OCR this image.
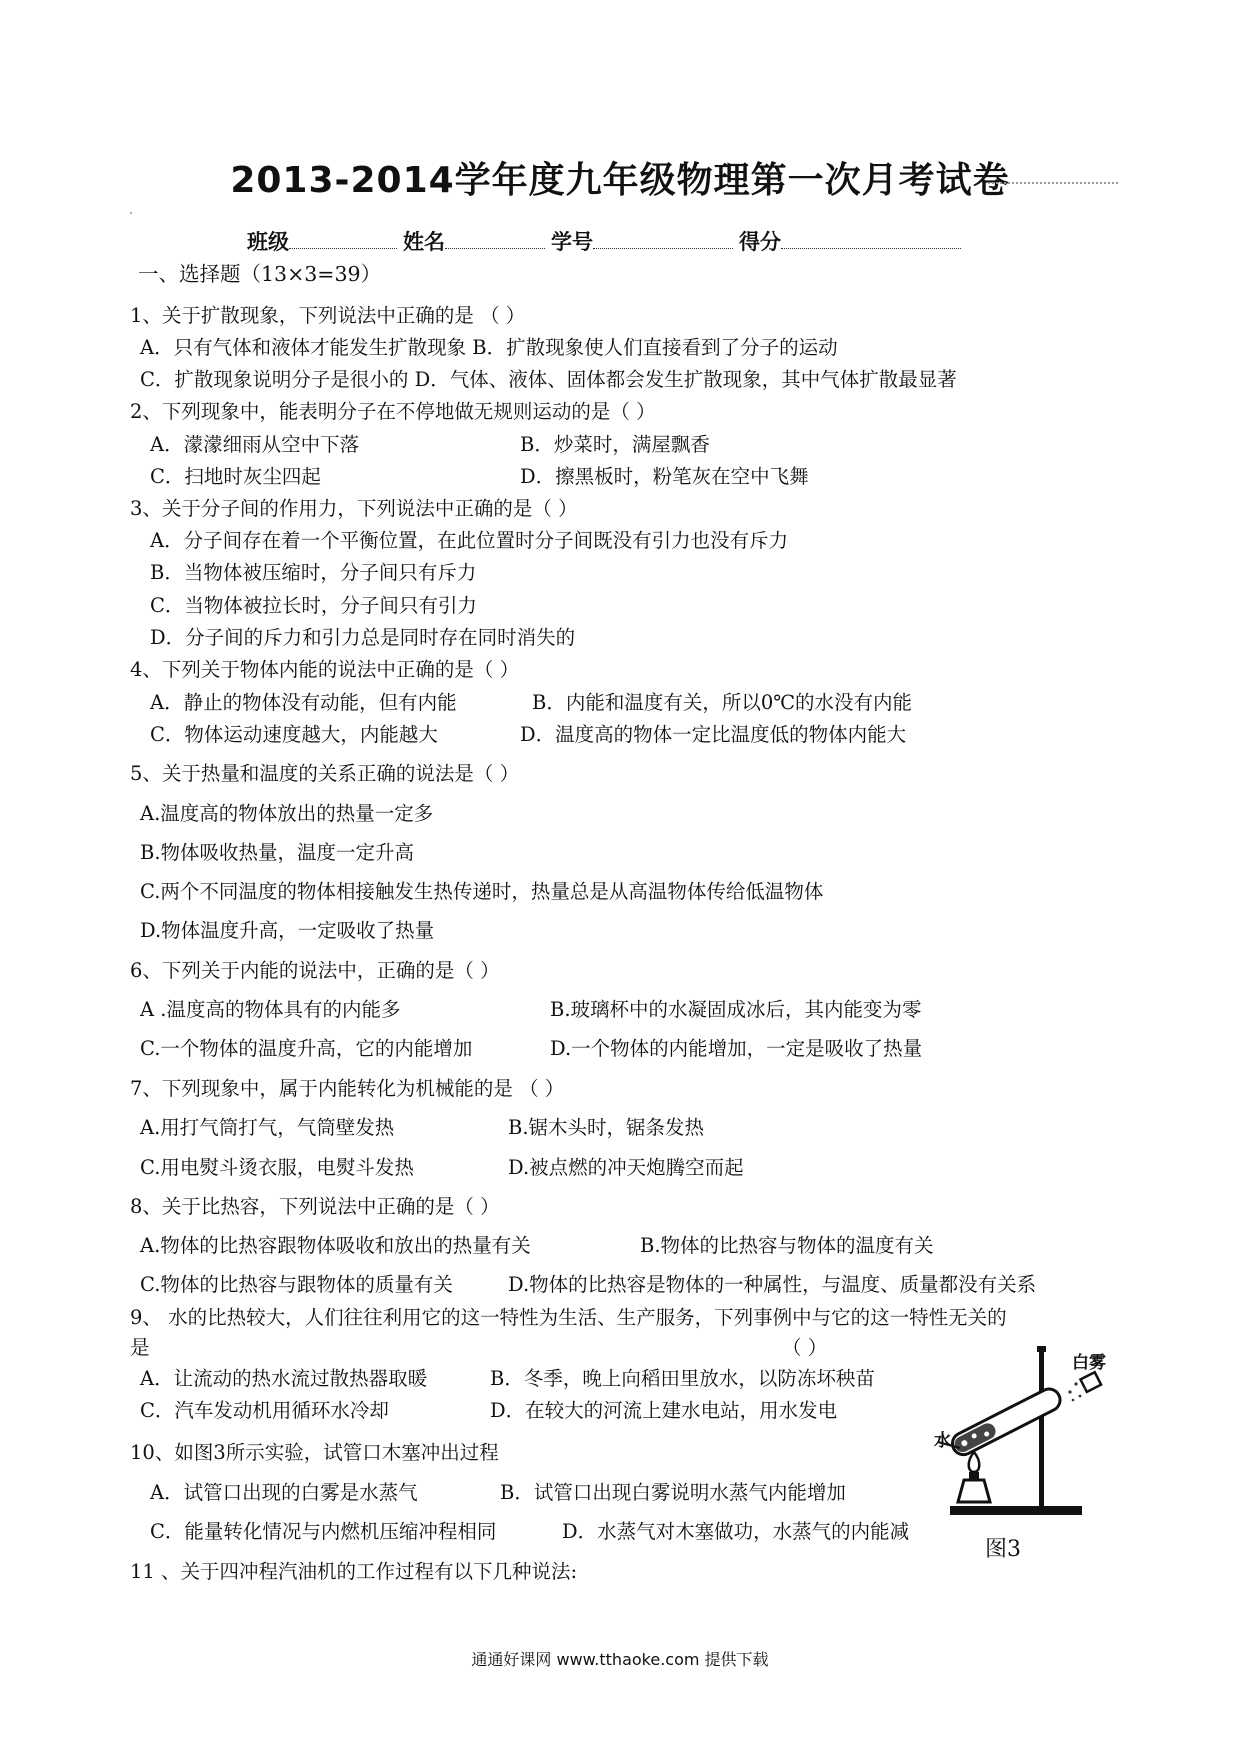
2013-2014学年度九年级物理第一次月考试卷
班级	姓名	学号	得分
一、选择题（13×3=39）
1、关于扩散现象，下列说法中正确的是 （ ）
A．只有气体和液体才能发生扩散现象 B．扩散现象使人们直接看到了分子的运动
C．扩散现象说明分子是很小的 D．气体、液体、固体都会发生扩散现象，其中气体扩散最显著
2、下列现象中，能表明分子在不停地做无规则运动的是（ ）
A．濛濛细雨从空中下落	B．炒菜时，满屋飘香
C．扫地时灰尘四起	D．擦黑板时，粉笔灰在空中飞舞
3、关于分子间的作用力，下列说法中正确的是（ ）
A．分子间存在着一个平衡位置，在此位置时分子间既没有引力也没有斥力
B．当物体被压缩时，分子间只有斥力
C．当物体被拉长时，分子间只有引力
D．分子间的斥力和引力总是同时存在同时消失的
4、下列关于物体内能的说法中正确的是（ ）
A．静止的物体没有动能，但有内能	B．内能和温度有关，所以0℃的水没有内能
C．物体运动速度越大，内能越大	D．温度高的物体一定比温度低的物体内能大
5、关于热量和温度的关系正确的说法是（ ）
A.温度高的物体放出的热量一定多
B.物体吸收热量，温度一定升高
C.两个不同温度的物体相接触发生热传递时，热量总是从高温物体传给低温物体
D.物体温度升高，一定吸收了热量
6、下列关于内能的说法中，正确的是（ ）
A .温度高的物体具有的内能多	B.玻璃杯中的水凝固成冰后，其内能变为零
C.一个物体的温度升高，它的内能增加	D.一个物体的内能增加，一定是吸收了热量
7、下列现象中，属于内能转化为机械能的是 （ ）
A.用打气筒打气，气筒壁发热	B.锯木头时，锯条发热
C.用电熨斗烫衣服，电熨斗发热	D.被点燃的冲天炮腾空而起
8、关于比热容，下列说法中正确的是（ ）
A.物体的比热容跟物体吸收和放出的热量有关	B.物体的比热容与物体的温度有关
C.物体的比热容与跟物体的质量有关	D.物体的比热容是物体的一种属性，与温度、质量都没有关系
9、 水的比热较大，人们往往利用它的这一特性为生活、生产服务，下列事例中与它的这一特性无关的
是	（ ）
A．让流动的热水流过散热器取暖	B．冬季，晚上向稻田里放水，以防冻坏秧苗
C．汽车发动机用循环水冷却	D．在较大的河流上建水电站，用水发电
10、如图3所示实验，试管口木塞冲出过程
A．试管口出现的白雾是水蒸气	B．试管口出现白雾说明水蒸气内能增加
C．能量转化情况与内燃机压缩冲程相同	D．水蒸气对木塞做功，水蒸气的内能减
11 、关于四冲程汽油机的工作过程有以下几种说法:
白雾
水
图3
通通好课网 www.tthaoke.com 提供下载
